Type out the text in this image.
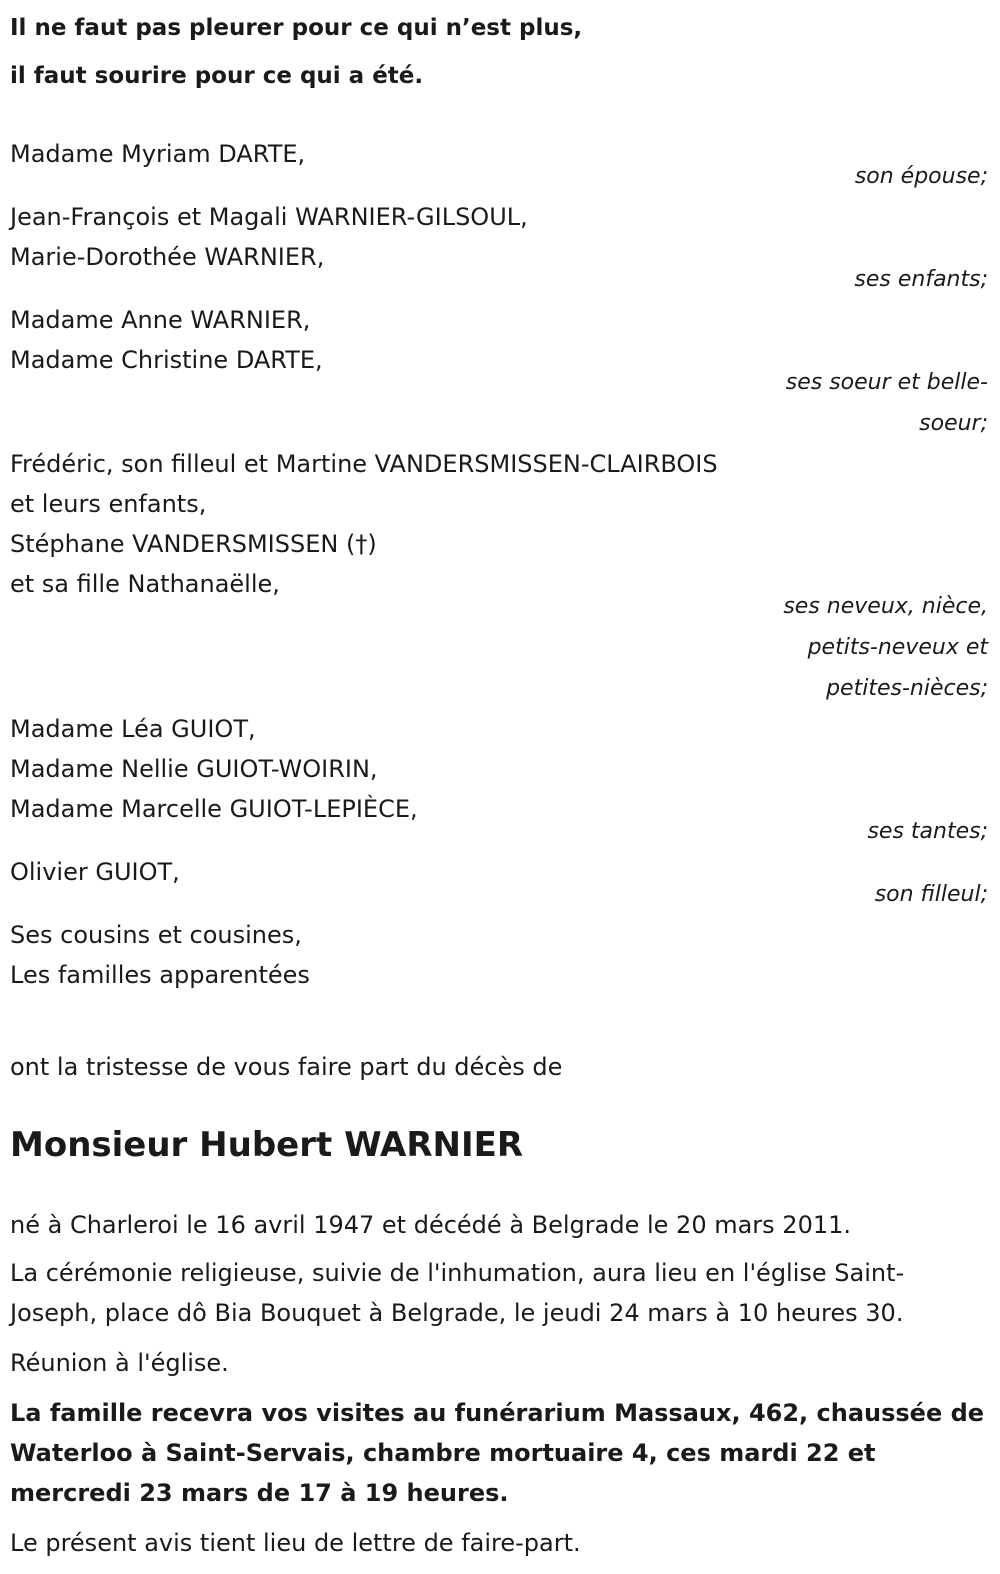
Il ne faut pas pleurer pour ce qui n’est plus,
il faut sourire pour ce qui a été.
Madame Myriam DARTE,
son épouse;
Jean-François et Magali WARNIER-GILSOUL,
Marie-Dorothée WARNIER,
ses enfants;
Madame Anne WARNIER,
Madame Christine DARTE,
ses soeur et belle-
soeur;
Frédéric, son filleul et Martine VANDERSMISSEN-CLAIRBOIS
et leurs enfants,
Stéphane VANDERSMISSEN (†)
et sa fille Nathanaëlle,
ses neveux, nièce,
petits-neveux et
petites-nièces;
Madame Léa GUIOT,
Madame Nellie GUIOT-WOIRIN,
Madame Marcelle GUIOT-LEPIÈCE,
ses tantes;
Olivier GUIOT,
son filleul;
Ses cousins et cousines,
Les familles apparentées
ont la tristesse de vous faire part du décès de
Monsieur Hubert WARNIER

né à Charleroi le 16 avril 1947 et décédé à Belgrade le 20 mars 2011.

La cérémonie religieuse, suivie de l'inhumation, aura lieu en l'église Saint-Joseph, place dô Bia Bouquet à Belgrade, le jeudi 24 mars à 10 heures 30.

Réunion à l'église.

La famille recevra vos visites au funérarium Massaux, 462, chaussée de Waterloo à Saint-Servais, chambre mortuaire 4, ces mardi 22 et mercredi 23 mars de 17 à 19 heures.

Le présent avis tient lieu de lettre de faire-part.
